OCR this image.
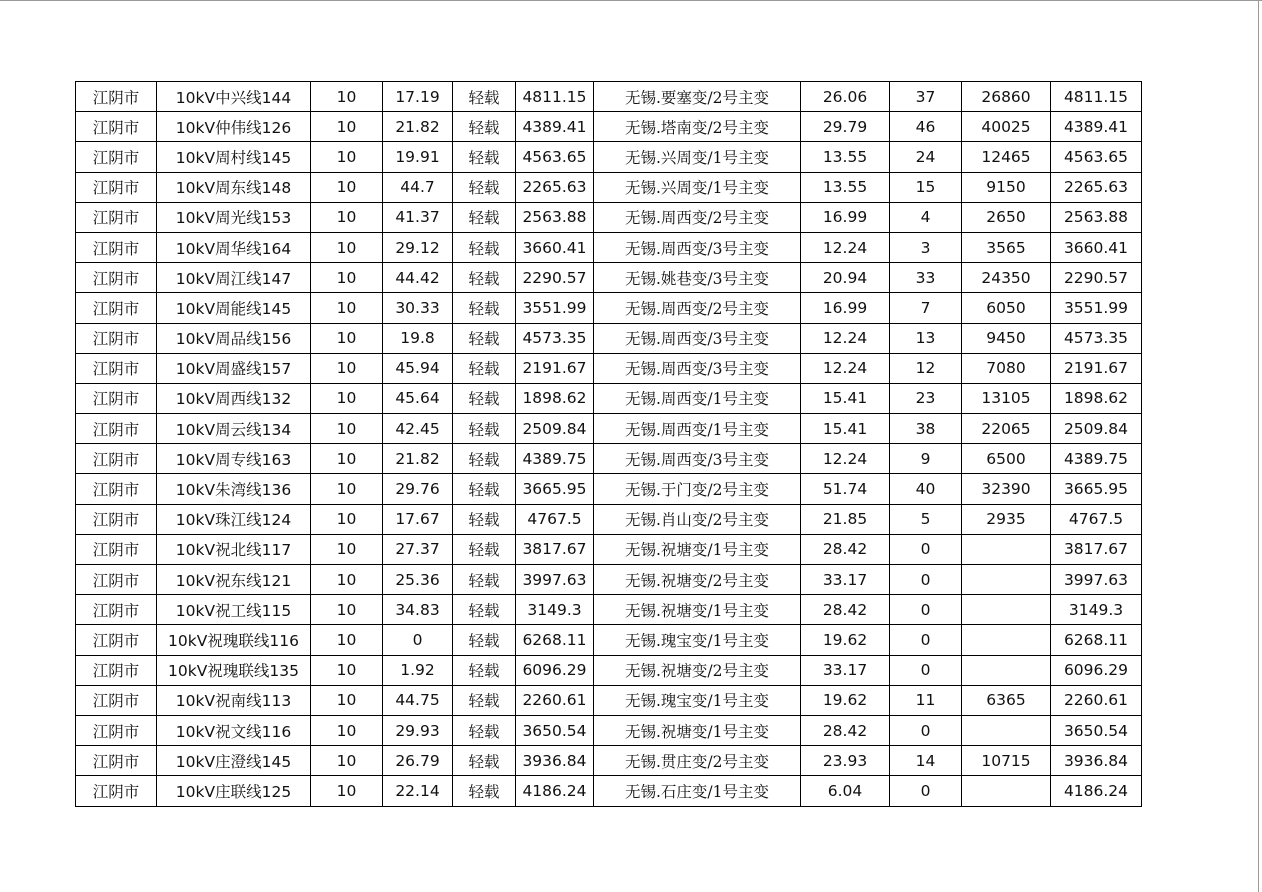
江阴市	10kV中兴线144	10	17.19	轻载	4811.15	无锡.要塞变/2号主变	26.06	37	26860	4811.15
江阴市	10kV仲伟线126	10	21.82	轻载	4389.41	无锡.塔南变/2号主变	29.79	46	40025	4389.41
江阴市	10kV周村线145	10	19.91	轻载	4563.65	无锡.兴周变/1号主变	13.55	24	12465	4563.65
江阴市	10kV周东线148	10	44.7	轻载	2265.63	无锡.兴周变/1号主变	13.55	15	9150	2265.63
江阴市	10kV周光线153	10	41.37	轻载	2563.88	无锡.周西变/2号主变	16.99	4	2650	2563.88
江阴市	10kV周华线164	10	29.12	轻载	3660.41	无锡.周西变/3号主变	12.24	3	3565	3660.41
江阴市	10kV周江线147	10	44.42	轻载	2290.57	无锡.姚巷变/3号主变	20.94	33	24350	2290.57
江阴市	10kV周能线145	10	30.33	轻载	3551.99	无锡.周西变/2号主变	16.99	7	6050	3551.99
江阴市	10kV周品线156	10	19.8	轻载	4573.35	无锡.周西变/3号主变	12.24	13	9450	4573.35
江阴市	10kV周盛线157	10	45.94	轻载	2191.67	无锡.周西变/3号主变	12.24	12	7080	2191.67
江阴市	10kV周西线132	10	45.64	轻载	1898.62	无锡.周西变/1号主变	15.41	23	13105	1898.62
江阴市	10kV周云线134	10	42.45	轻载	2509.84	无锡.周西变/1号主变	15.41	38	22065	2509.84
江阴市	10kV周专线163	10	21.82	轻载	4389.75	无锡.周西变/3号主变	12.24	9	6500	4389.75
江阴市	10kV朱湾线136	10	29.76	轻载	3665.95	无锡.于门变/2号主变	51.74	40	32390	3665.95
江阴市	10kV珠江线124	10	17.67	轻载	4767.5	无锡.肖山变/2号主变	21.85	5	2935	4767.5
江阴市	10kV祝北线117	10	27.37	轻载	3817.67	无锡.祝塘变/1号主变	28.42	0		3817.67
江阴市	10kV祝东线121	10	25.36	轻载	3997.63	无锡.祝塘变/2号主变	33.17	0		3997.63
江阴市	10kV祝工线115	10	34.83	轻载	3149.3	无锡.祝塘变/1号主变	28.42	0		3149.3
江阴市	10kV祝瑰联线116	10	0	轻载	6268.11	无锡.瑰宝变/1号主变	19.62	0		6268.11
江阴市	10kV祝瑰联线135	10	1.92	轻载	6096.29	无锡.祝塘变/2号主变	33.17	0		6096.29
江阴市	10kV祝南线113	10	44.75	轻载	2260.61	无锡.瑰宝变/1号主变	19.62	11	6365	2260.61
江阴市	10kV祝文线116	10	29.93	轻载	3650.54	无锡.祝塘变/1号主变	28.42	0		3650.54
江阴市	10kV庄澄线145	10	26.79	轻载	3936.84	无锡.贯庄变/2号主变	23.93	14	10715	3936.84
江阴市	10kV庄联线125	10	22.14	轻载	4186.24	无锡.石庄变/1号主变	6.04	0		4186.24
